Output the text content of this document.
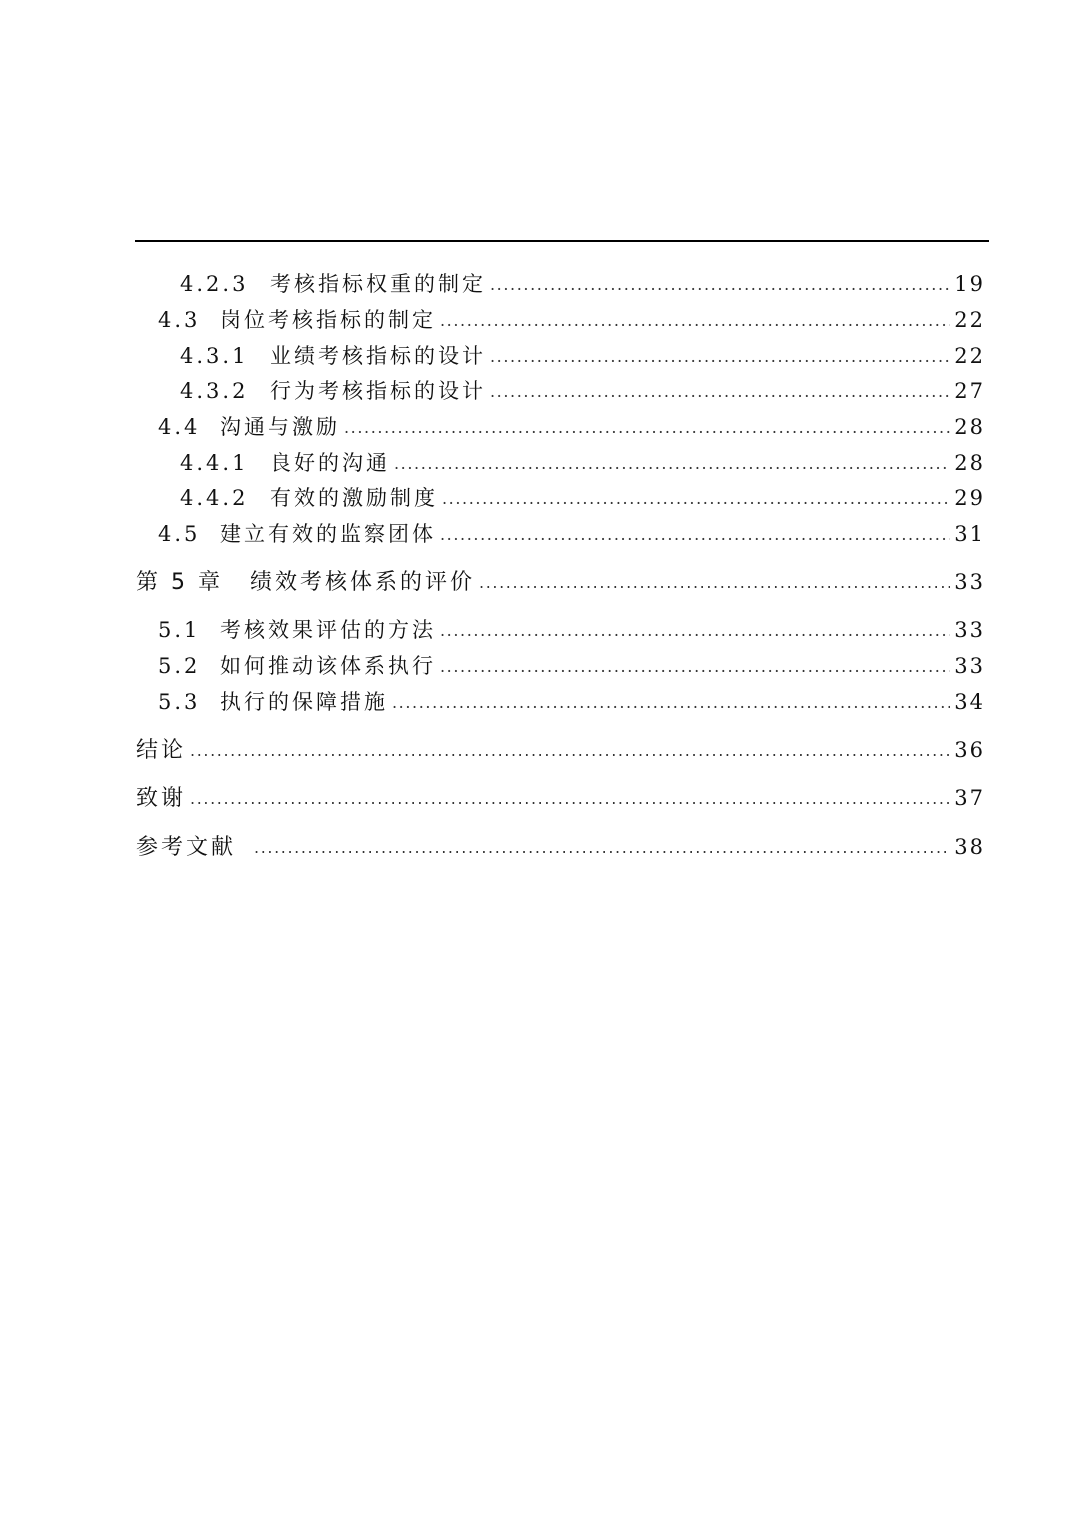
4.2.3	考核指标权重的制定 .....	19
4.3 岗位考核指标的制定 .....	22
4.3.1	业绩考核指标的设计 .....	22
4.3.2	行为考核指标的设计 .....	27
4.4 沟通与激励 .....	28
4.4.1	良好的沟通 .....	28
4.4.2	有效的激励制度 .....	29
4.5 建立有效的监察团体 .....	31
第 5 章	绩效考核体系的评价 .....	33
5.1 考核效果评估的方法 .....	33
5.2 如何推动该体系执行 .....	33
5.3 执行的保障措施 .....	34
结论 .....	36
致谢 .....	37
参考文献 .....	38
